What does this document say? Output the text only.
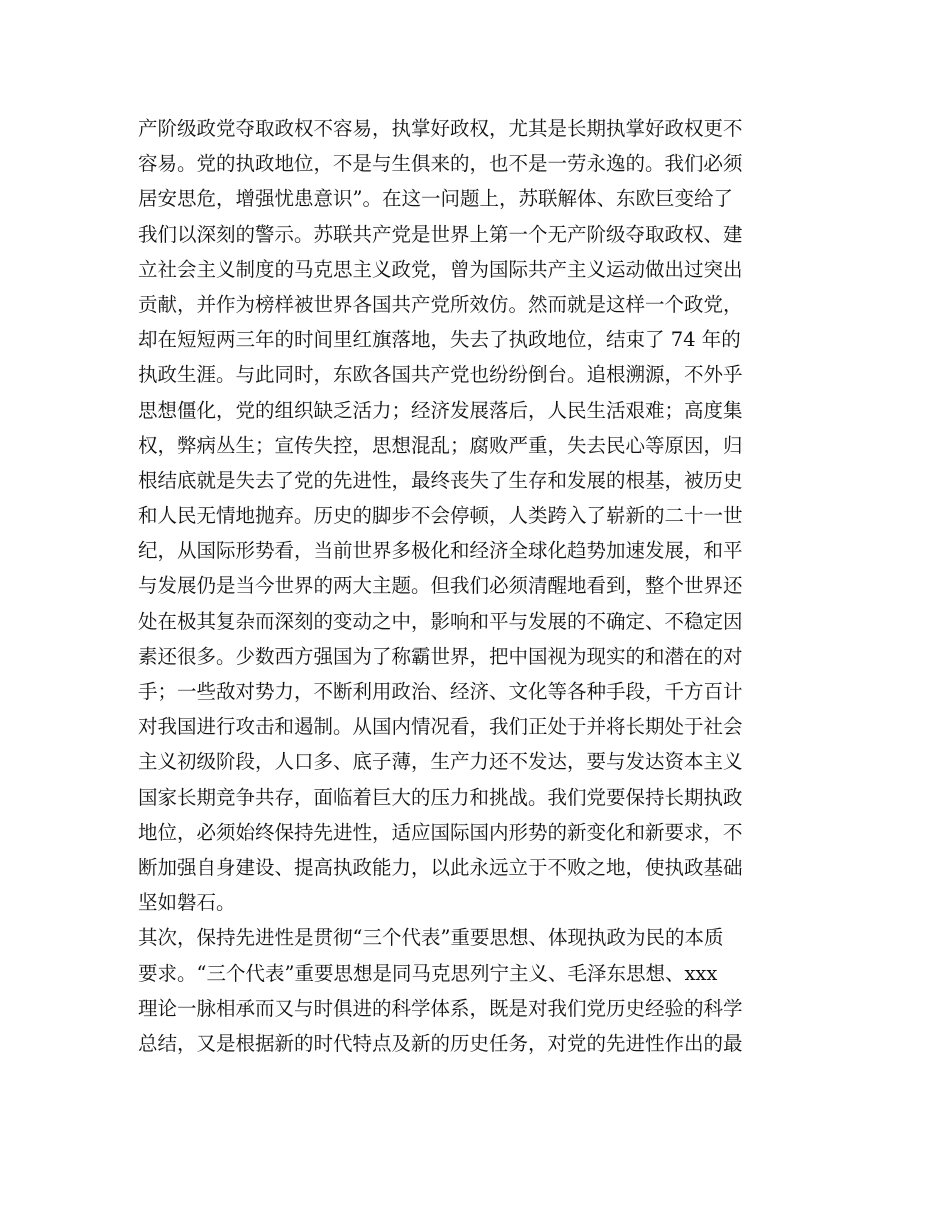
产阶级政党夺取政权不容易，执掌好政权，尤其是长期执掌好政权更不
容易。党的执政地位，不是与生俱来的，也不是一劳永逸的。我们必须
居安思危，增强忧患意识”。在这一问题上，苏联解体、东欧巨变给了
我们以深刻的警示。苏联共产党是世界上第一个无产阶级夺取政权、建
立社会主义制度的马克思主义政党，曾为国际共产主义运动做出过突出
贡献，并作为榜样被世界各国共产党所效仿。然而就是这样一个政党，
却在短短两三年的时间里红旗落地，失去了执政地位，结束了 74 年的
执政生涯。与此同时，东欧各国共产党也纷纷倒台。追根溯源，不外乎
思想僵化，党的组织缺乏活力；经济发展落后，人民生活艰难；高度集
权，弊病丛生；宣传失控，思想混乱；腐败严重，失去民心等原因，归
根结底就是失去了党的先进性，最终丧失了生存和发展的根基，被历史
和人民无情地抛弃。历史的脚步不会停顿，人类跨入了崭新的二十一世
纪，从国际形势看，当前世界多极化和经济全球化趋势加速发展，和平
与发展仍是当今世界的两大主题。但我们必须清醒地看到，整个世界还
处在极其复杂而深刻的变动之中，影响和平与发展的不确定、不稳定因
素还很多。少数西方强国为了称霸世界，把中国视为现实的和潜在的对
手；一些敌对势力，不断利用政治、经济、文化等各种手段，千方百计
对我国进行攻击和遏制。从国内情况看，我们正处于并将长期处于社会
主义初级阶段，人口多、底子薄，生产力还不发达，要与发达资本主义
国家长期竞争共存，面临着巨大的压力和挑战。我们党要保持长期执政
地位，必须始终保持先进性，适应国际国内形势的新变化和新要求，不
断加强自身建设、提高执政能力，以此永远立于不败之地，使执政基础
坚如磐石。
其次，保持先进性是贯彻“三个代表”重要思想、体现执政为民的本质
要求。“三个代表”重要思想是同马克思列宁主义、毛泽东思想、xxx
理论一脉相承而又与时俱进的科学体系，既是对我们党历史经验的科学
总结，又是根据新的时代特点及新的历史任务，对党的先进性作出的最
